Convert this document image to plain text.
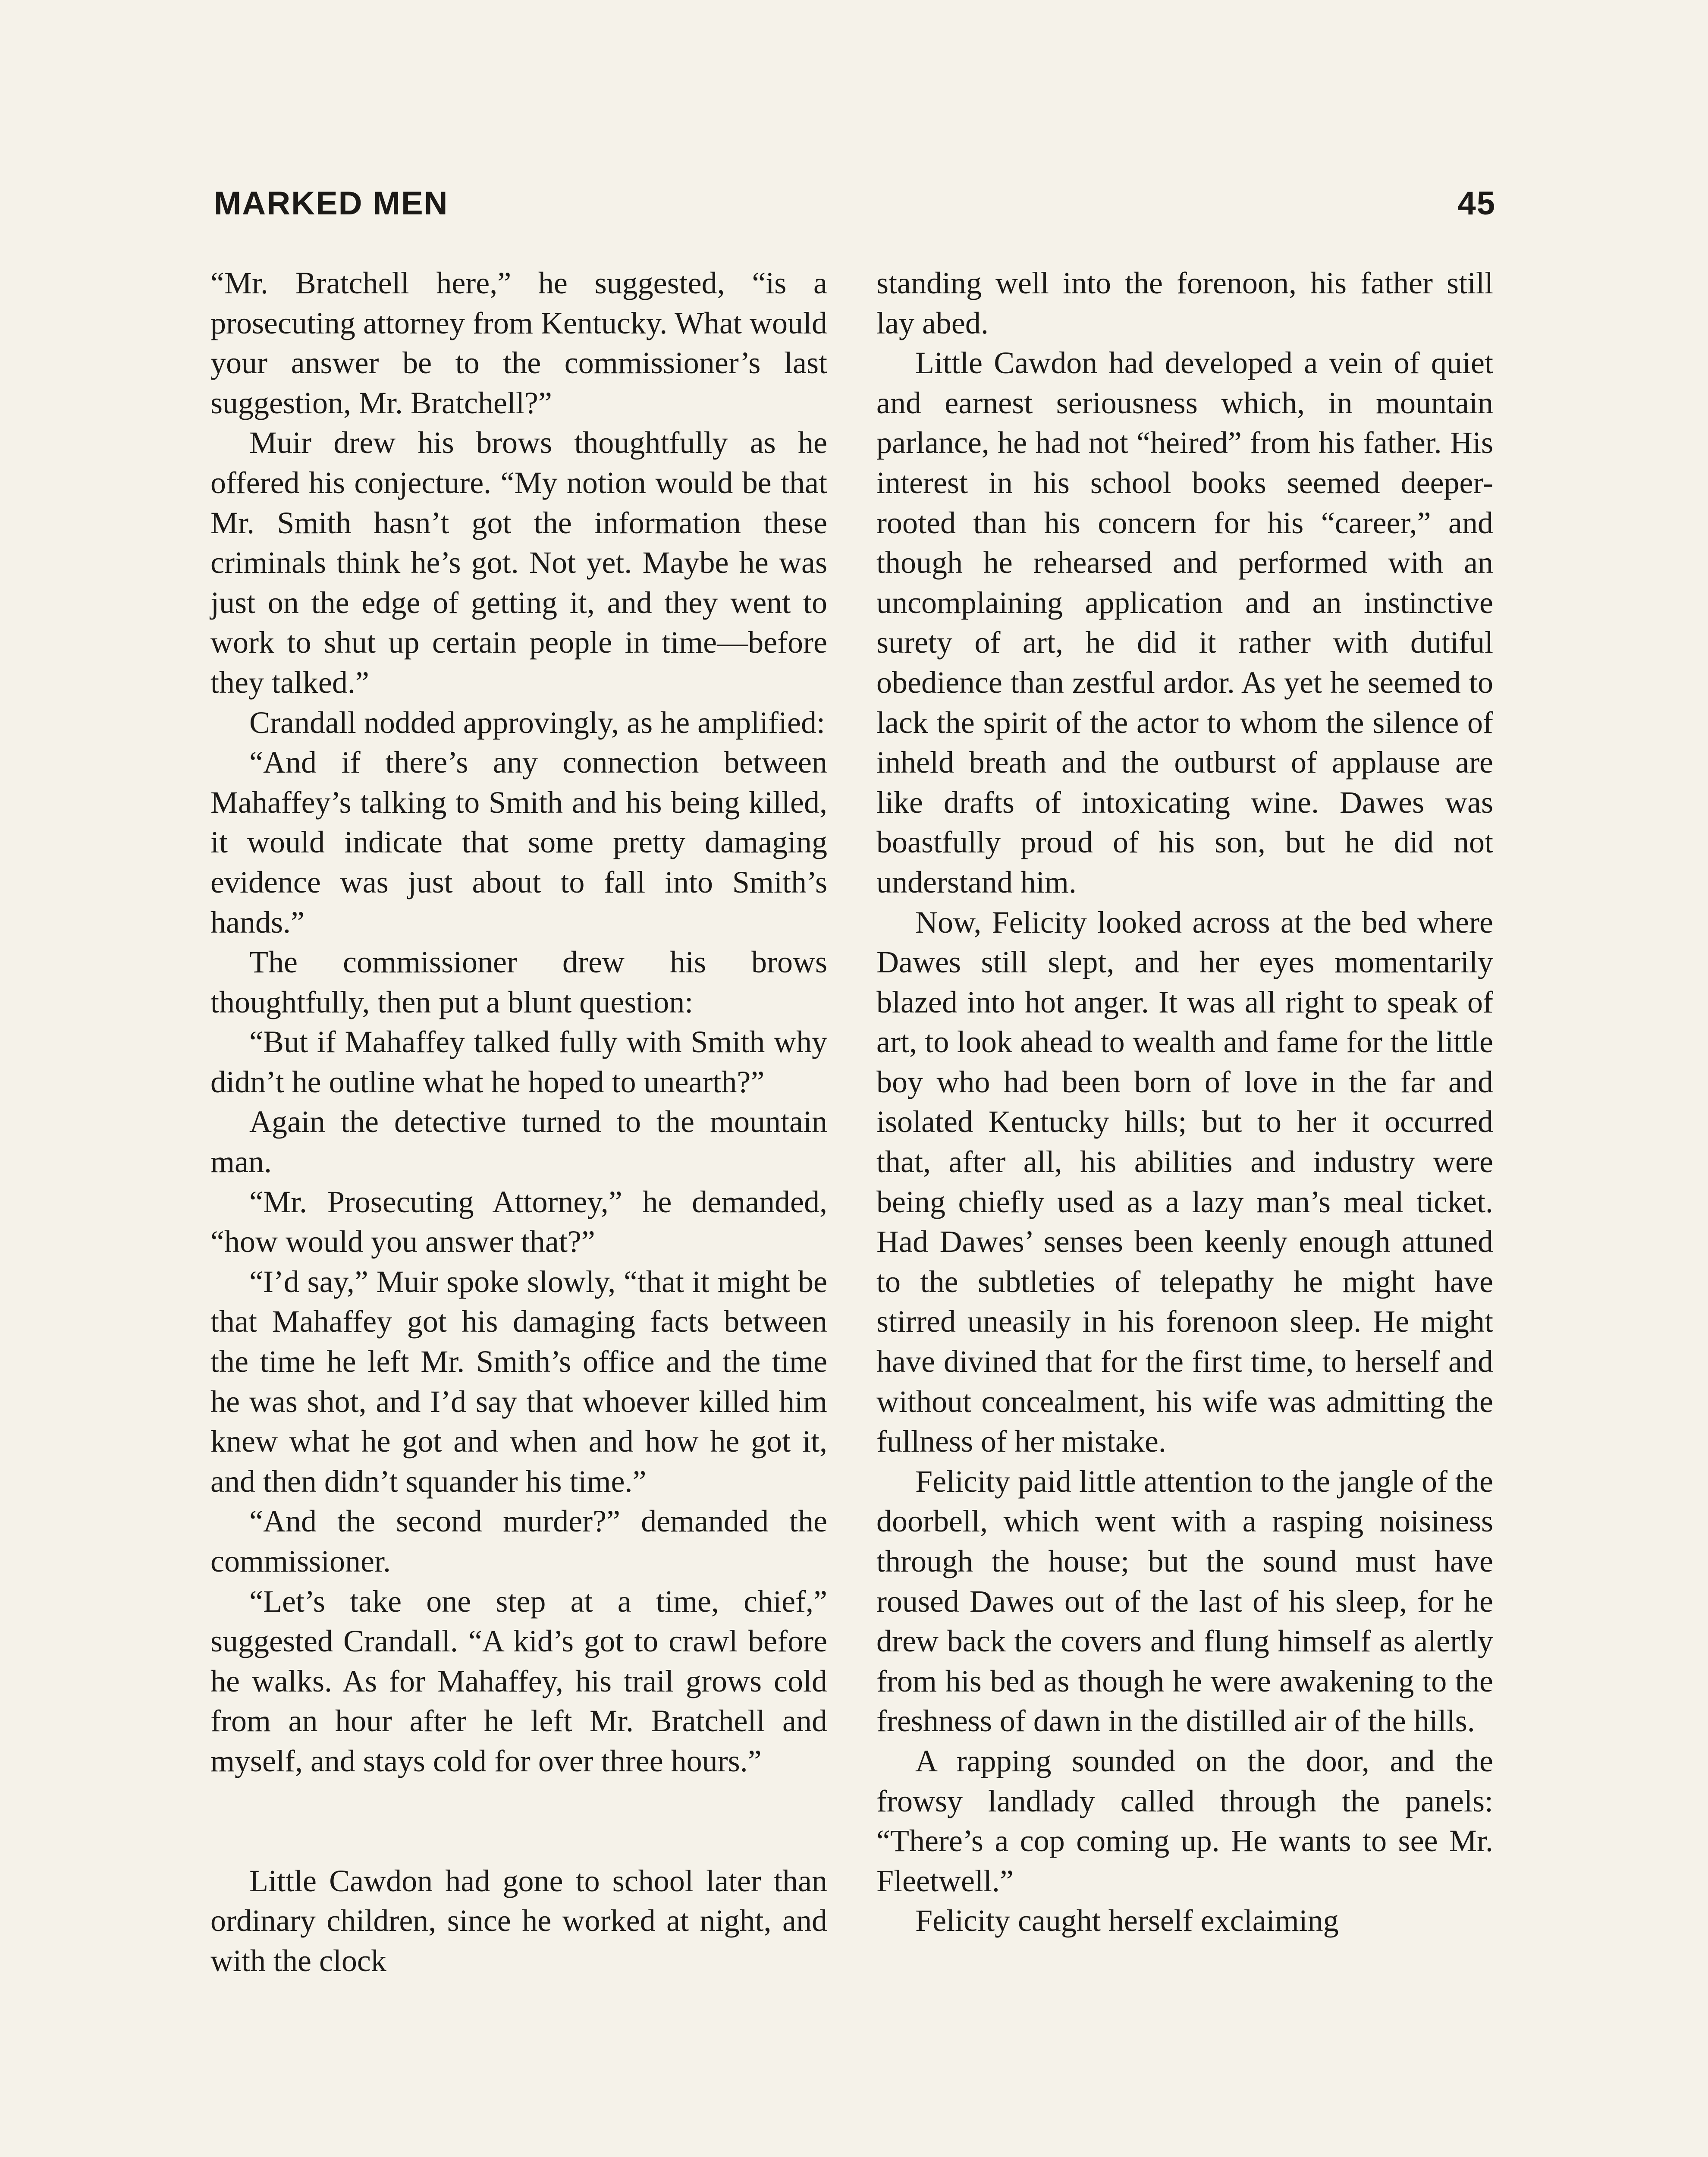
MARKED MEN	45

“Mr. Bratchell here,” he suggested, “is a prosecuting attorney from Kentucky. What would your answer be to the commissioner’s last suggestion, Mr. Bratchell?”

Muir drew his brows thoughtfully as he offered his conjecture. “My notion would be that Mr. Smith hasn’t got the information these criminals think he’s got. Not yet. Maybe he was just on the edge of getting it, and they went to work to shut up certain people in time—before they talked.”

Crandall nodded approvingly, as he amplified:

“And if there’s any connection between Mahaffey’s talking to Smith and his being killed, it would indicate that some pretty damaging evidence was just about to fall into Smith’s hands.”

The commissioner drew his brows thoughtfully, then put a blunt question:

“But if Mahaffey talked fully with Smith why didn’t he outline what he hoped to unearth?”

Again the detective turned to the mountain man.

“Mr. Prosecuting Attorney,” he demanded, “how would you answer that?”

“I’d say,” Muir spoke slowly, “that it might be that Mahaffey got his damaging facts between the time he left Mr. Smith’s office and the time he was shot, and I’d say that whoever killed him knew what he got and when and how he got it, and then didn’t squander his time.”

“And the second murder?” demanded the commissioner.

“Let’s take one step at a time, chief,” suggested Crandall. “A kid’s got to crawl before he walks. As for Mahaffey, his trail grows cold from an hour after he left Mr. Bratchell and myself, and stays cold for over three hours.”

Little Cawdon had gone to school later than ordinary children, since he worked at night, and with the clock

standing well into the forenoon, his father still lay abed.

Little Cawdon had developed a vein of quiet and earnest seriousness which, in mountain parlance, he had not “heired” from his father. His interest in his school books seemed deeper-rooted than his concern for his “career,” and though he rehearsed and performed with an uncomplaining application and an instinctive surety of art, he did it rather with dutiful obedience than zestful ardor. As yet he seemed to lack the spirit of the actor to whom the silence of inheld breath and the outburst of applause are like drafts of intoxicating wine. Dawes was boastfully proud of his son, but he did not understand him.

Now, Felicity looked across at the bed where Dawes still slept, and her eyes momentarily blazed into hot anger. It was all right to speak of art, to look ahead to wealth and fame for the little boy who had been born of love in the far and isolated Kentucky hills; but to her it occurred that, after all, his abilities and industry were being chiefly used as a lazy man’s meal ticket. Had Dawes’ senses been keenly enough attuned to the subtleties of telepathy he might have stirred uneasily in his forenoon sleep. He might have divined that for the first time, to herself and without concealment, his wife was admitting the fullness of her mistake.

Felicity paid little attention to the jangle of the doorbell, which went with a rasping noisiness through the house; but the sound must have roused Dawes out of the last of his sleep, for he drew back the covers and flung himself as alertly from his bed as though he were awakening to the freshness of dawn in the distilled air of the hills.

A rapping sounded on the door, and the frowsy landlady called through the panels: “There’s a cop coming up. He wants to see Mr. Fleetwell.”

Felicity caught herself exclaiming
